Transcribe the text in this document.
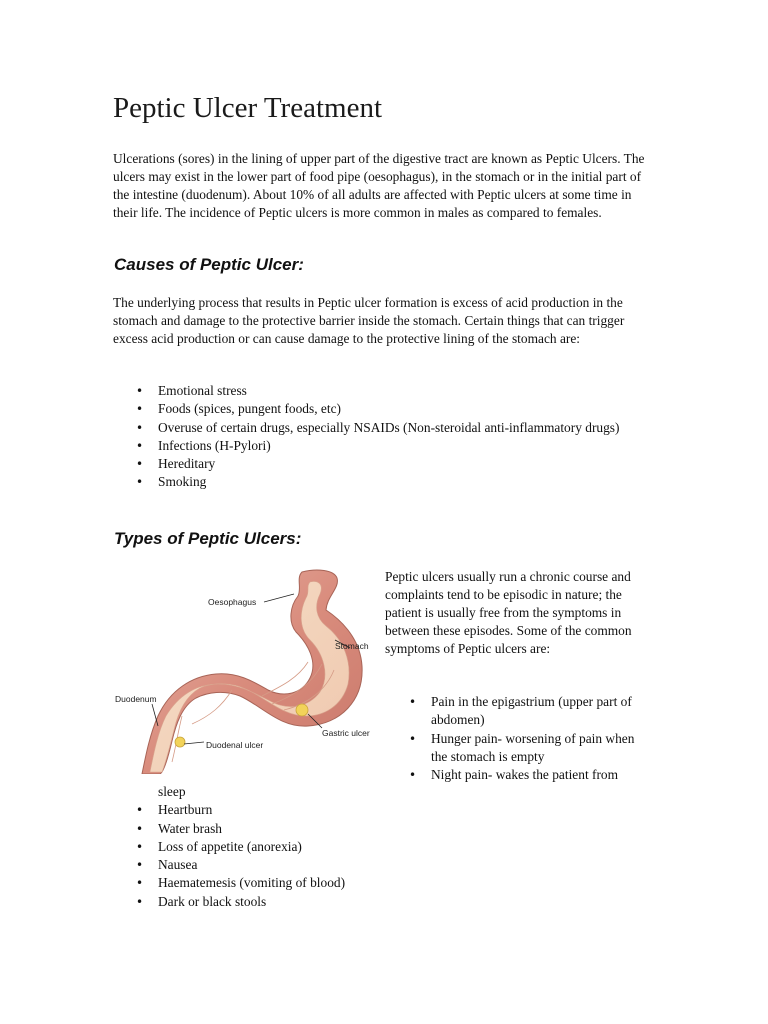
Peptic Ulcer Treatment

Ulcerations (sores) in the lining of upper part of the digestive tract are known as Peptic Ulcers. The ulcers may exist in the lower part of food pipe (oesophagus), in the stomach or in the initial part of the intestine (duodenum). About 10% of all adults are affected with Peptic ulcers at some time in their life. The incidence of Peptic ulcers is more common in males as compared to females.

Causes of Peptic Ulcer:

The underlying process that results in Peptic ulcer formation is excess of acid production in the stomach and damage to the protective barrier inside the stomach. Certain things that can trigger excess acid production or can cause damage to the protective lining of the stomach are:

• Emotional stress
• Foods (spices, pungent foods, etc)
• Overuse of certain drugs, especially NSAIDs (Non-steroidal anti-inflammatory drugs)
• Infections (H-Pylori)
• Hereditary
• Smoking
Types of Peptic Ulcers:
Oesophagus
Stomach
Duodenum
Gastric ulcer
Duodenal ulcer

Peptic ulcers usually run a chronic course and complaints tend to be episodic in nature; the patient is usually free from the symptoms in between these episodes. Some of the common symptoms of Peptic ulcers are:

• Pain in the epigastrium (upper part of abdomen)
• Hunger pain- worsening of pain when the stomach is empty
• Night pain- wakes the patient from
sleep
• Heartburn
• Water brash
• Loss of appetite (anorexia)
• Nausea
• Haematemesis (vomiting of blood)
• Dark or black stools
